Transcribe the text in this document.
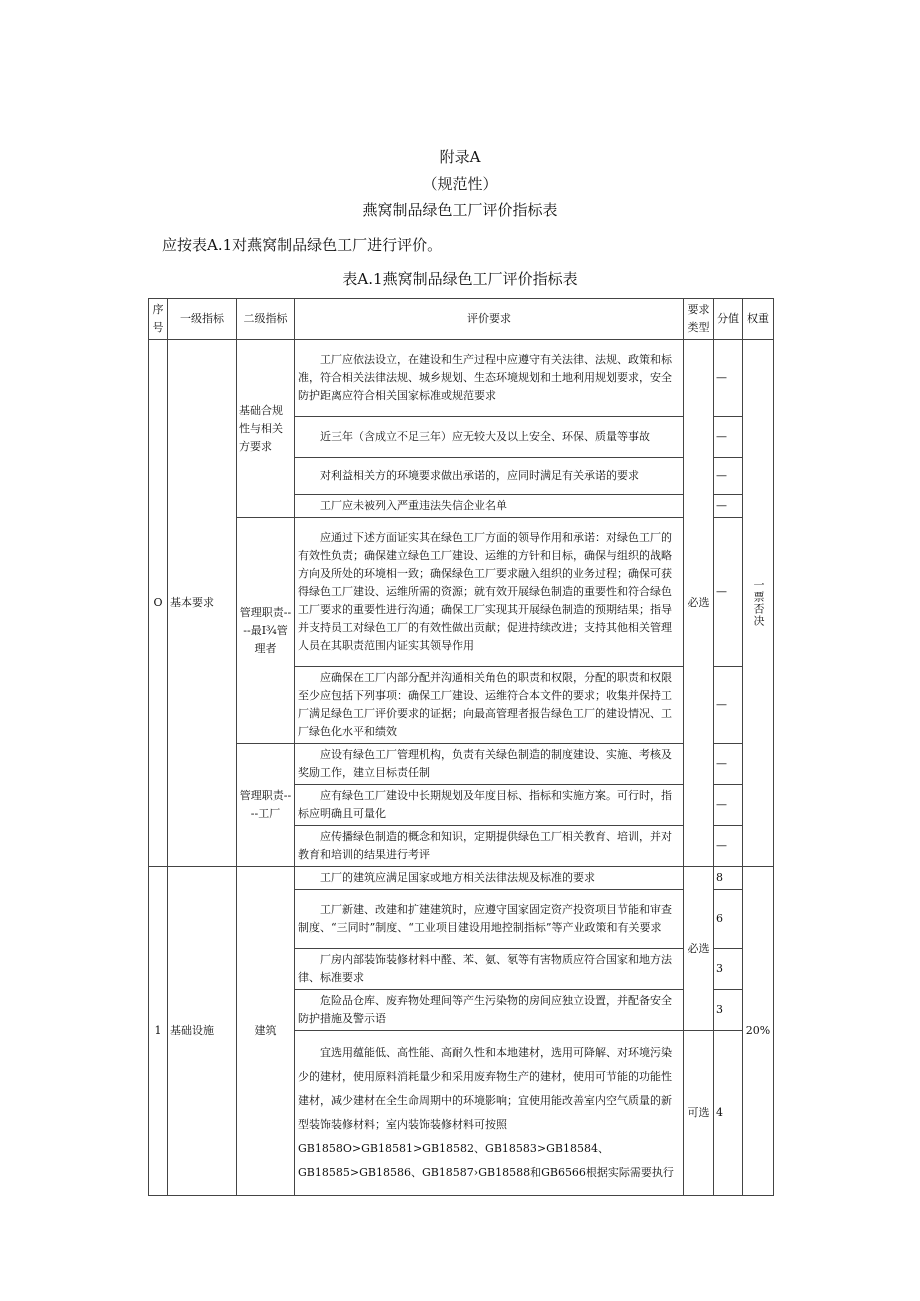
附录A
（规范性）
燕窝制品绿色工厂评价指标表
应按表A.1对燕窝制品绿色工厂进行评价。
表A.1燕窝制品绿色工厂评价指标表
序号	一级指标	二级指标	评价要求	要求类型	分值	权重
O	基本要求	基础合规性与相关方要求	工厂应依法设立，在建设和生产过程中应遵守有关法律、法规、政策和标准，符合相关法律法规、城乡规划、生态环境规划和土地利用规划要求，安全防护距离应符合相关国家标准或规范要求	必选	—	一票否决

			近三年（含成立不足三年）应无较大及以上安全、环保、质量等事故		—	
			对利益相关方的环境要求做出承诺的，应同时满足有关承诺的要求		—	
			工厂应未被列入严重违法失信企业名单		—	
		管理职责----最I¾管理者	应通过下述方面证实其在绿色工厂方面的领导作用和承诺：对绿色工厂的有效性负责；确保建立绿色工厂建设、运维的方针和目标，确保与组织的战略方向及所处的环境相一致；确保绿色工厂要求融入组织的业务过程；确保可获得绿色工厂建设、运维所需的资源；就有效开展绿色制造的重要性和符合绿色工厂要求的重要性进行沟通；确保工厂实现其开展绿色制造的预期结果；指导并支持员工对绿色工厂的有效性做出贡献；促进持续改进；支持其他相关管理人员在其职责范围内证实其领导作用		—	
			应确保在工厂内部分配并沟通相关角色的职责和权限，分配的职责和权限至少应包括下列事项：确保工厂建设、运维符合本文件的要求；收集并保持工厂满足绿色工厂评价要求的证据；向最高管理者报告绿色工厂的建设情况、工厂绿色化水平和绩效		—	
		管理职责----工厂	应设有绿色工厂管理机构，负责有关绿色制造的制度建设、实施、考核及奖励工作，建立目标责任制		—	
			应有绿色工厂建设中长期规划及年度目标、指标和实施方案。可行时，指标应明确且可量化		—	
			应传播绿色制造的概念和知识，定期提供绿色工厂相关教育、培训，并对教育和培训的结果进行考评		—	
1	基础设施	建筑	工厂的建筑应满足国家或地方相关法律法规及标准的要求	必选	8	20%
			工厂新建、改建和扩建建筑时，应遵守国家固定资产投资项目节能和审查制度、“三同时”制度、“工业项目建设用地控制指标”等产业政策和有关要求		6	
			厂房内部装饰装修材料中醛、苯、氨、氡等有害物质应符合国家和地方法律、标准要求		3	
			危险品仓库、废弃物处理间等产生污染物的房间应独立设置，并配备安全防护措施及警示语		3	
			宜选用蕴能低、高性能、高耐久性和本地建材，选用可降解、对环境污染少的建材，使用原料消耗量少和采用废弃物生产的建材，使用可节能的功能性建材，减少建材在全生命周期中的环境影响；宜使用能改善室内空气质量的新型装饰装修材料；室内装饰装修材料可按照GB1858O>GB18581>GB18582、GB18583>GB18584、GB18585>GB18586、GB18587›GB18588和GB6566根据实际需要执行	可选	4	
